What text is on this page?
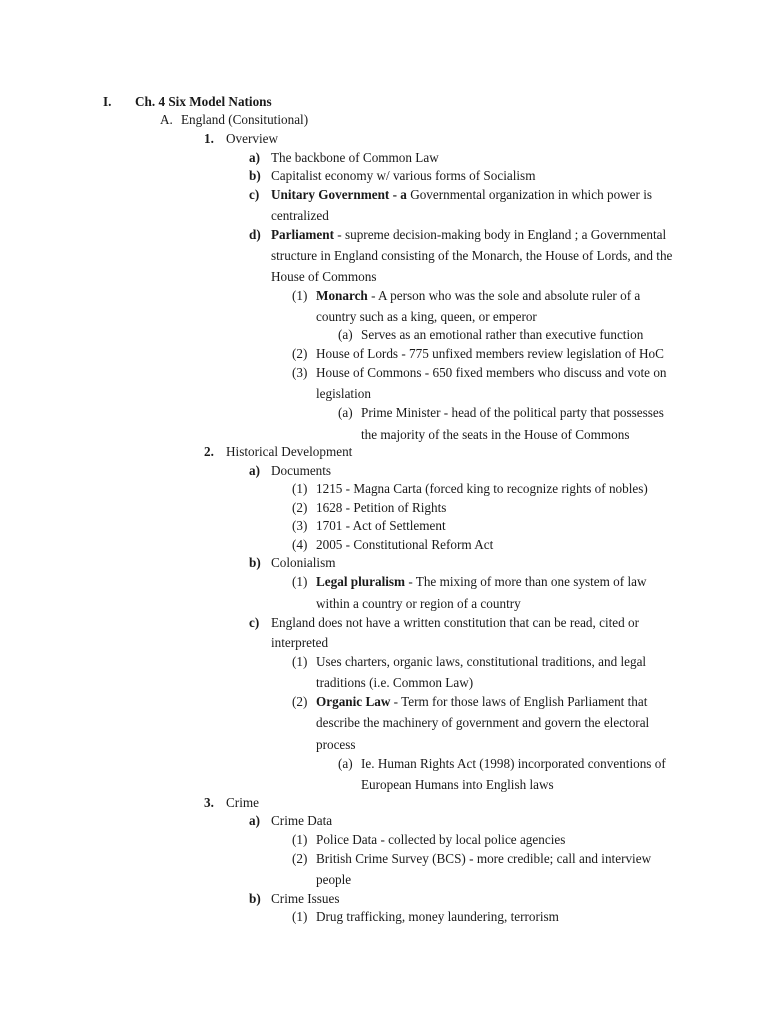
I. Ch. 4 Six Model Nations
A. England (Consitutional)
1. Overview
a) The backbone of Common Law
b) Capitalist economy w/ various forms of Socialism
c) Unitary Government - a Governmental organization in which power is
centralized
d) Parliament - supreme decision-making body in England ; a Governmental
structure in England consisting of the Monarch, the House of Lords, and the
House of Commons
(1) Monarch - A person who was the sole and absolute ruler of a
country such as a king, queen, or emperor
(a) Serves as an emotional rather than executive function
(2) House of Lords - 775 unfixed members review legislation of HoC
(3) House of Commons - 650 fixed members who discuss and vote on
legislation
(a) Prime Minister - head of the political party that possesses
the majority of the seats in the House of Commons
2. Historical Development
a) Documents
(1) 1215 - Magna Carta (forced king to recognize rights of nobles)
(2) 1628 - Petition of Rights
(3) 1701 - Act of Settlement
(4) 2005 - Constitutional Reform Act
b) Colonialism
(1) Legal pluralism - The mixing of more than one system of law
within a country or region of a country
c) England does not have a written constitution that can be read, cited or
interpreted
(1) Uses charters, organic laws, constitutional traditions, and legal
traditions (i.e. Common Law)
(2) Organic Law - Term for those laws of English Parliament that
describe the machinery of government and govern the electoral
process
(a) Ie. Human Rights Act (1998) incorporated conventions of
European Humans into English laws
3. Crime
a) Crime Data
(1) Police Data - collected by local police agencies
(2) British Crime Survey (BCS) - more credible; call and interview
people
b) Crime Issues
(1) Drug trafficking, money laundering, terrorism
